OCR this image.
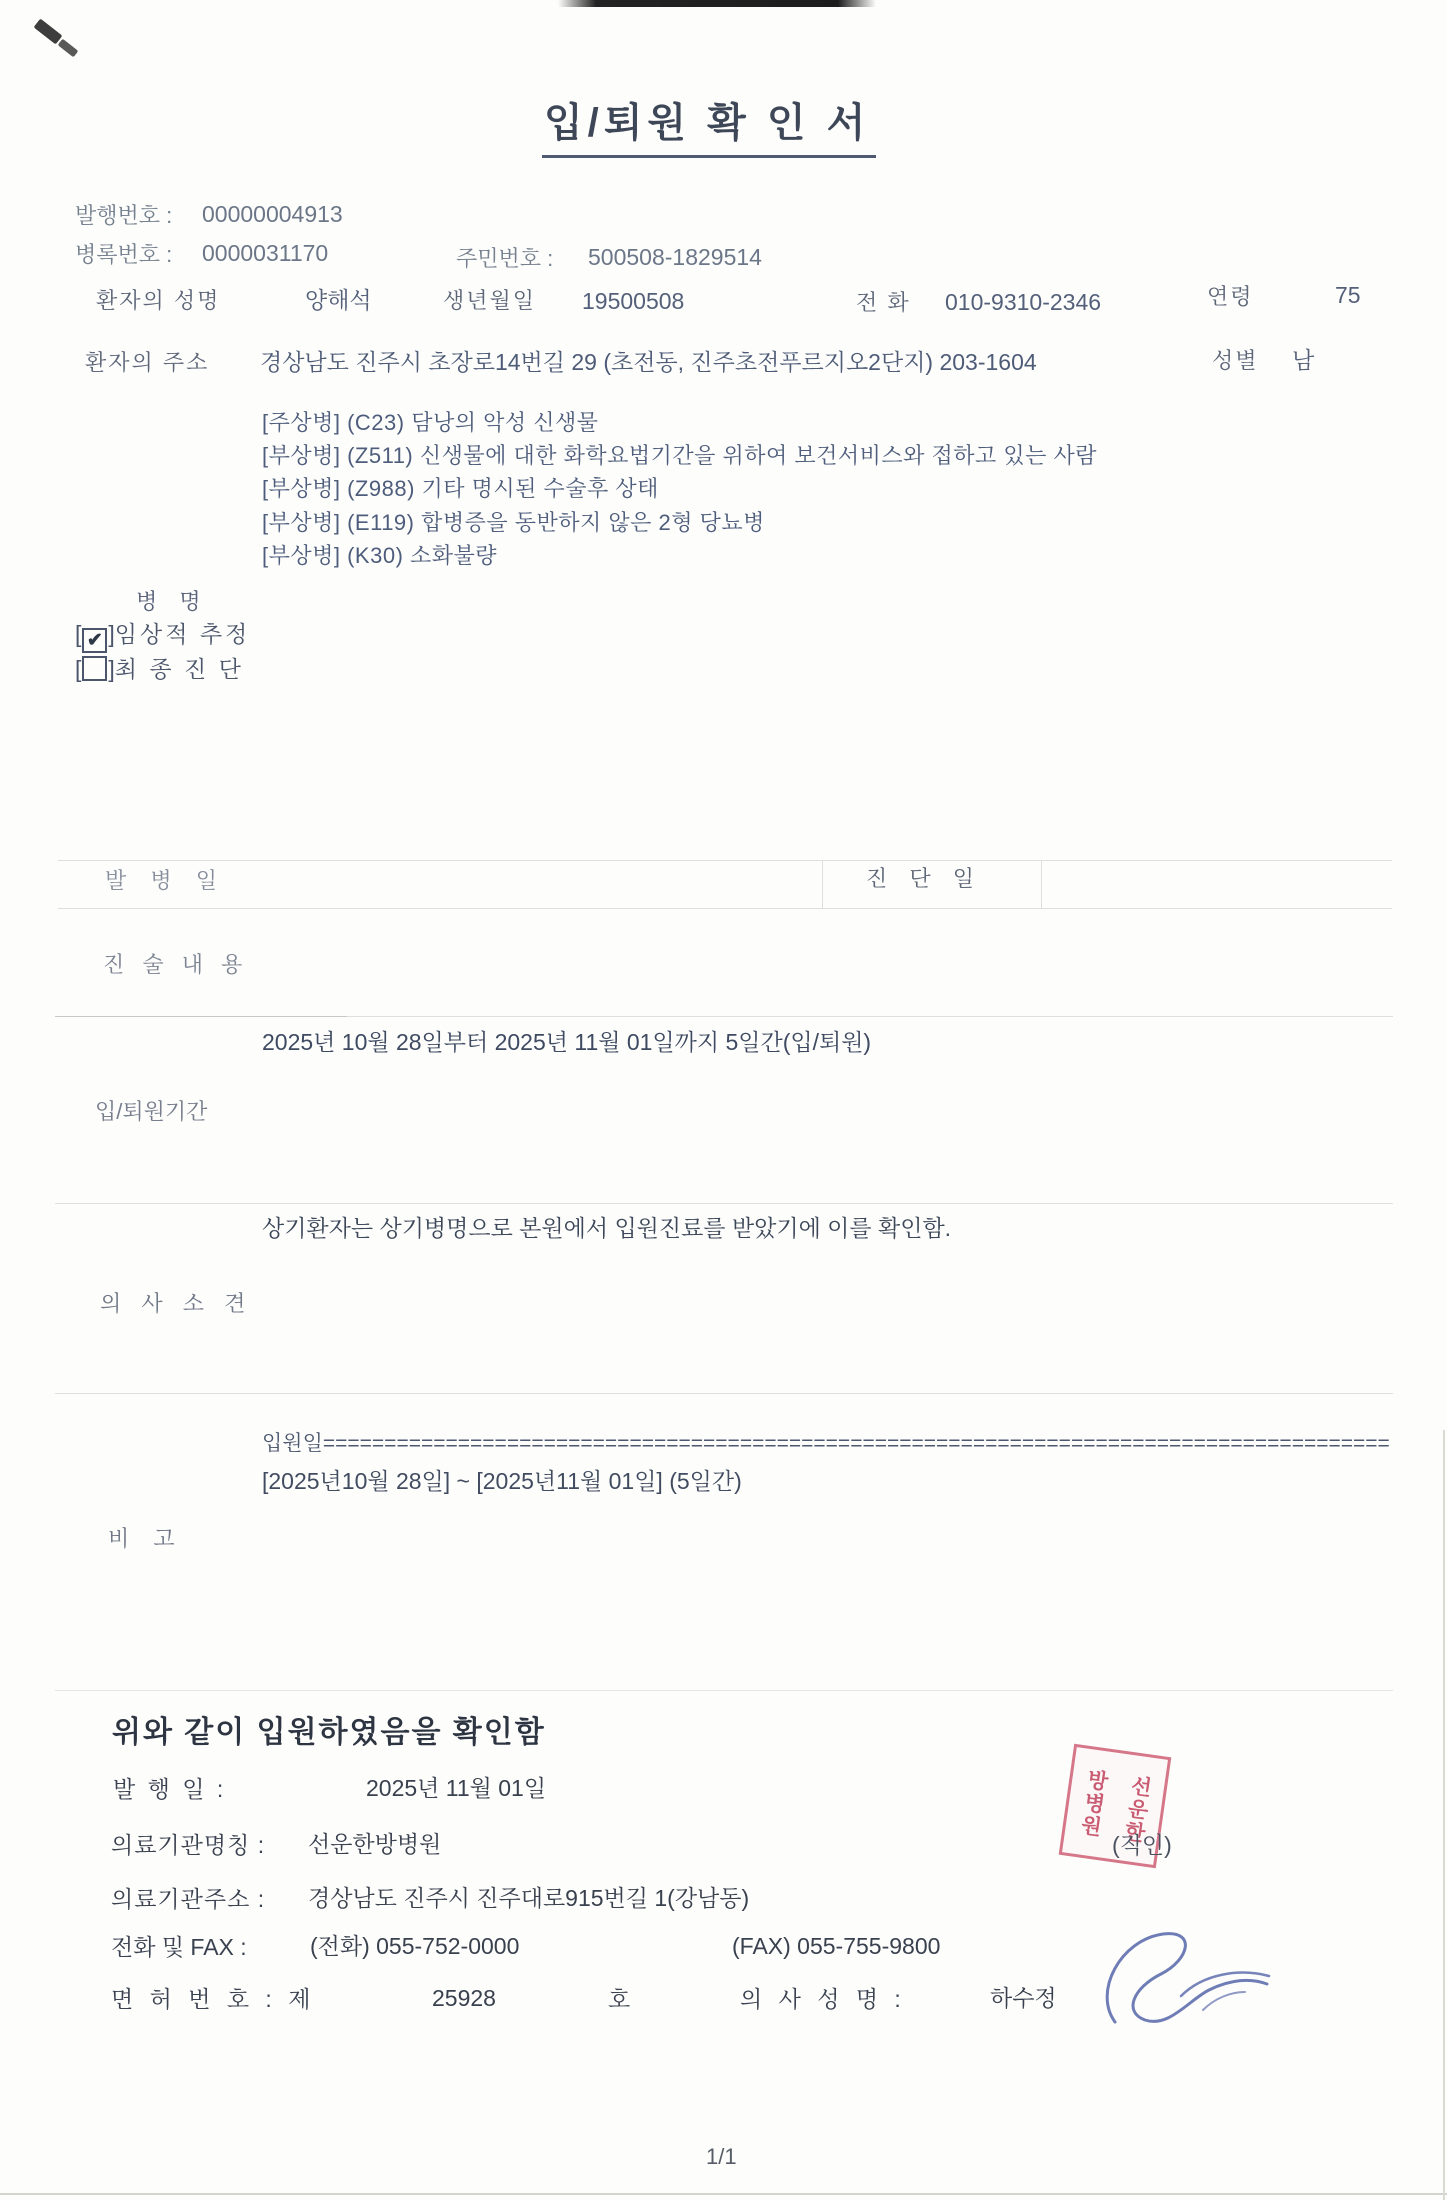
입/퇴원 확 인 서
발행번호 : 00000004913
병록번호 : 0000031170	주민번호 : 500508-1829514
환자의 성명	양해석	생년월일 19500508	전 화 010-9310-2346	연령	75
환자의 주소 경상남도 진주시 초장로14번길 29 (초전동, 진주초전푸르지오2단지) 203-1604	성별 남
[주상병] (C23) 담낭의 악성 신생물
[부상병] (Z511) 신생물에 대한 화학요법기간을 위하여 보건서비스와 접하고 있는 사람
[부상병] (Z988) 기타 명시된 수술후 상태
[부상병] (E119) 합병증을 동반하지 않은 2형 당뇨병
[부상병] (K30) 소화불량
병 명
[ ✔ ]임상적 추정
[ ]최 종 진 단
발 병 일	진 단 일
진 술 내 용
2025년 10월 28일부터 2025년 11월 01일까지 5일간(입/퇴원)
입/퇴원기간
상기환자는 상기병명으로 본원에서 입원진료를 받았기에 이를 확인함.
의 사 소 견
입원일=======================================================================================
[2025년10월 28일] ~ [2025년11월 01일] (5일간)
비 고
위와 같이 입원하였음을 확인함
발 행 일 :	2025년 11월 01일
의료기관명칭 : 선운한방병원	선운한
방병원
(직인)
의료기관주소 : 경상남도 진주시 진주대로915번길 1(강남동)
전화 및 FAX :	(전화) 055-752-0000	(FAX) 055-755-9800
면 허 번 호 : 제	25928	호	의 사 성 명 :	하수정
1/1
